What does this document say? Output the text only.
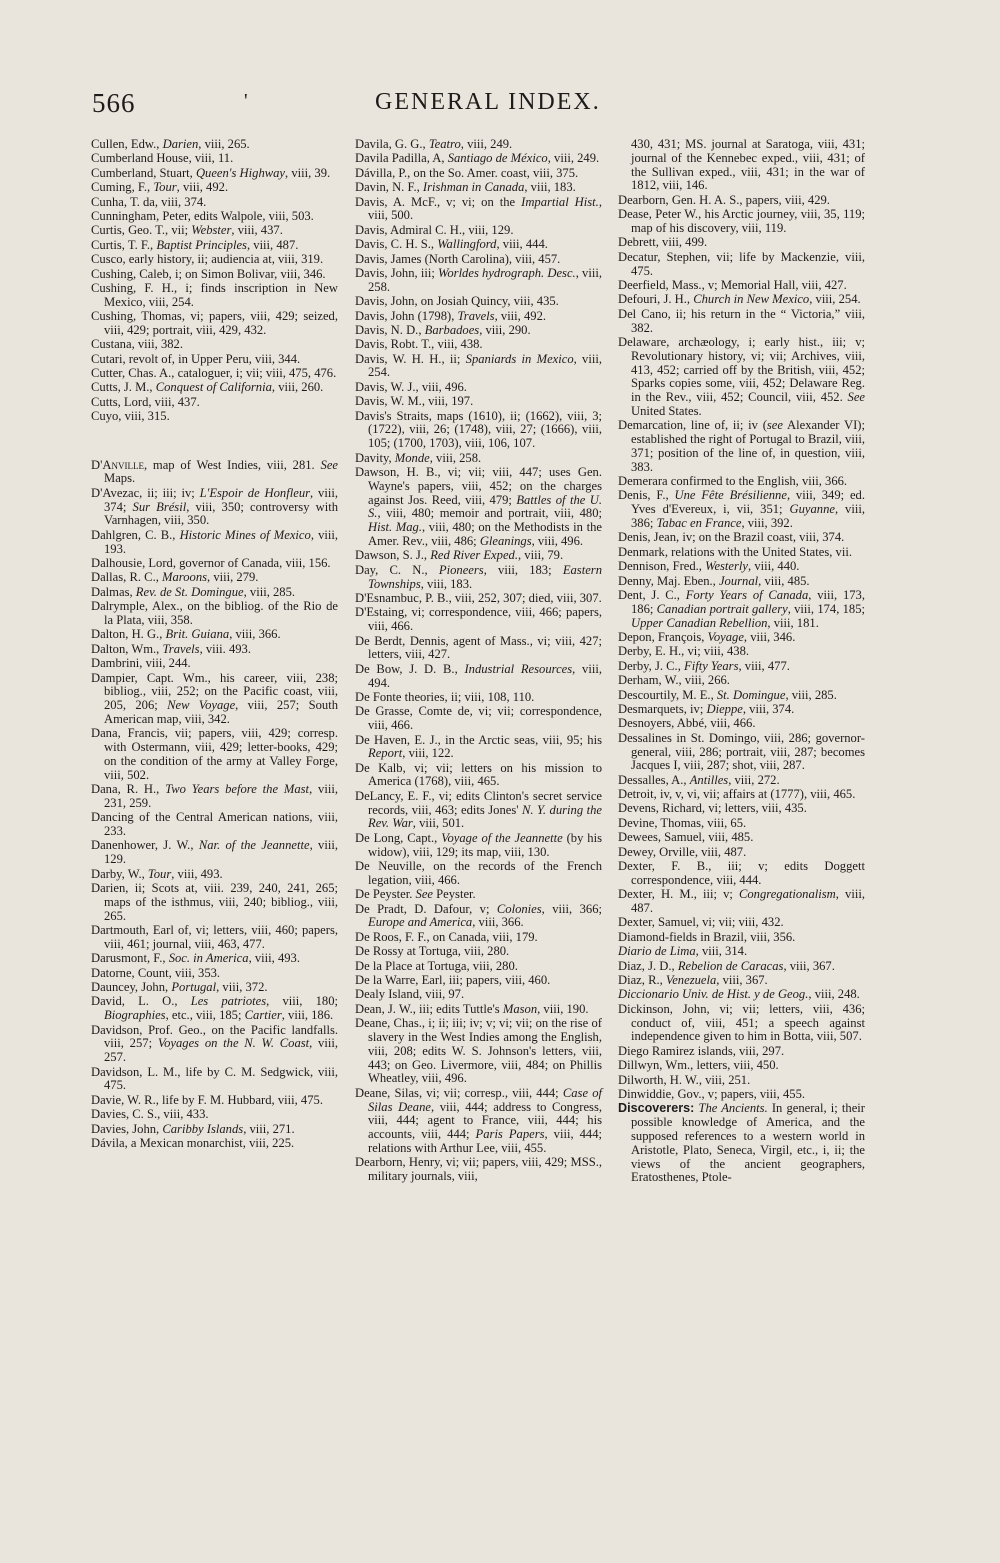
566	'	GENERAL INDEX.
Cullen, Edw., Darien, viii, 265.
Cumberland House, viii, 11.
Cumberland, Stuart, Queen's Highway, viii, 39.
Cuming, F., Tour, viii, 492.
Cunha, T. da, viii, 374.
Cunningham, Peter, edits Walpole, viii, 503.
Curtis, Geo. T., vii; Webster, viii, 437.
Curtis, T. F., Baptist Principles, viii, 487.
Cusco, early history, ii; audiencia at, viii, 319.
Cushing, Caleb, i; on Simon Bolivar, viii, 346.
Cushing, F. H., i; finds inscription in New Mexico, viii, 254.
Cushing, Thomas, vi; papers, viii, 429; seized, viii, 429; portrait, viii, 429, 432.
Custana, viii, 382.
Cutari, revolt of, in Upper Peru, viii, 344.
Cutter, Chas. A., cataloguer, i; vii; viii, 475, 476.
Cutts, J. M., Conquest of California, viii, 260.
Cutts, Lord, viii, 437.
Cuyo, viii, 315.
D'Anville, map of West Indies, viii, 281. See Maps.
D'Avezac, ii; iii; iv; L'Espoir de Honfleur, viii, 374; Sur Brésil, viii, 350; controversy with Varnhagen, viii, 350.
Dahlgren, C. B., Historic Mines of Mexico, viii, 193.
Dalhousie, Lord, governor of Canada, viii, 156.
Dallas, R. C., Maroons, viii, 279.
Dalmas, Rev. de St. Domingue, viii, 285.
Dalrymple, Alex., on the bibliog. of the Rio de la Plata, viii, 358.
Dalton, H. G., Brit. Guiana, viii, 366.
Dalton, Wm., Travels, viii. 493.
Dambrini, viii, 244.
Dampier, Capt. Wm., his career, viii, 238; bibliog., viii, 252; on the Pacific coast, viii, 205, 206; New Voyage, viii, 257; South American map, viii, 342.
Dana, Francis, vii; papers, viii, 429; corresp. with Ostermann, viii, 429; letter-books, 429; on the condition of the army at Valley Forge, viii, 502.
Dana, R. H., Two Years before the Mast, viii, 231, 259.
Dancing of the Central American nations, viii, 233.
Danenhower, J. W., Nar. of the Jeannette, viii, 129.
Darby, W., Tour, viii, 493.
Darien, ii; Scots at, viii. 239, 240, 241, 265; maps of the isthmus, viii, 240; bibliog., viii, 265.
Dartmouth, Earl of, vi; letters, viii, 460; papers, viii, 461; journal, viii, 463, 477.
Darusmont, F., Soc. in America, viii, 493.
Datorne, Count, viii, 353.
Dauncey, John, Portugal, viii, 372.
David, L. O., Les patriotes, viii, 180; Biographies, etc., viii, 185; Cartier, viii, 186.
Davidson, Prof. Geo., on the Pacific landfalls. viii, 257; Voyages on the N. W. Coast, viii, 257.
Davidson, L. M., life by C. M. Sedgwick, viii, 475.
Davie, W. R., life by F. M. Hubbard, viii, 475.
Davies, C. S., viii, 433.
Davies, John, Caribby Islands, viii, 271.
Dávila, a Mexican monarchist, viii, 225.
Davila, G. G., Teatro, viii, 249.
Davila Padilla, A, Santiago de México, viii, 249.
Dávilla, P., on the So. Amer. coast, viii, 375.
Davin, N. F., Irishman in Canada, viii, 183.
Davis, A. McF., v; vi; on the Impartial Hist., viii, 500.
Davis, Admiral C. H., viii, 129.
Davis, C. H. S., Wallingford, viii, 444.
Davis, James (North Carolina), viii, 457.
Davis, John, iii; Worldes hydrograph. Desc., viii, 258.
Davis, John, on Josiah Quincy, viii, 435.
Davis, John (1798), Travels, viii, 492.
Davis, N. D., Barbadoes, viii, 290.
Davis, Robt. T., viii, 438.
Davis, W. H. H., ii; Spaniards in Mexico, viii, 254.
Davis, W. J., viii, 496.
Davis, W. M., viii, 197.
Davis's Straits, maps (1610), ii; (1662), viii, 3; (1722), viii, 26; (1748), viii, 27; (1666), viii, 105; (1700, 1703), viii, 106, 107.
Davity, Monde, viii, 258.
Dawson, H. B., vi; vii; viii, 447; uses Gen. Wayne's papers, viii, 452; on the charges against Jos. Reed, viii, 479; Battles of the U. S., viii, 480; memoir and portrait, viii, 480; Hist. Mag., viii, 480; on the Methodists in the Amer. Rev., viii, 486; Gleanings, viii, 496.
Dawson, S. J., Red River Exped., viii, 79.
Day, C. N., Pioneers, viii, 183; Eastern Townships, viii, 183.
D'Esnambuc, P. B., viii, 252, 307; died, viii, 307.
D'Estaing, vi; correspondence, viii, 466; papers, viii, 466.
De Berdt, Dennis, agent of Mass., vi; viii, 427; letters, viii, 427.
De Bow, J. D. B., Industrial Resources, viii, 494.
De Fonte theories, ii; viii, 108, 110.
De Grasse, Comte de, vi; vii; correspondence, viii, 466.
De Haven, E. J., in the Arctic seas, viii, 95; his Report, viii, 122.
De Kalb, vi; vii; letters on his mission to America (1768), viii, 465.
DeLancy, E. F., vi; edits Clinton's secret service records, viii, 463; edits Jones' N. Y. during the Rev. War, viii, 501.
De Long, Capt., Voyage of the Jeannette (by his widow), viii, 129; its map, viii, 130.
De Neuville, on the records of the French legation, viii, 466.
De Peyster. See Peyster.
De Pradt, D. Dafour, v; Colonies, viii, 366; Europe and America, viii, 366.
De Roos, F. F., on Canada, viii, 179.
De Rossy at Tortuga, viii, 280.
De la Place at Tortuga, viii, 280.
De la Warre, Earl, iii; papers, viii, 460.
Dealy Island, viii, 97.
Dean, J. W., iii; edits Tuttle's Mason, viii, 190.
Deane, Chas., i; ii; iii; iv; v; vi; vii; on the rise of slavery in the West Indies among the English, viii, 208; edits W. S. Johnson's letters, viii, 443; on Geo. Livermore, viii, 484; on Phillis Wheatley, viii, 496.
Deane, Silas, vi; vii; corresp., viii, 444; Case of Silas Deane, viii, 444; address to Congress, viii, 444; agent to France, viii, 444; his accounts, viii, 444; Paris Papers, viii, 444; relations with Arthur Lee, viii, 455.
Dearborn, Henry, vi; vii; papers, viii, 429; MSS., military journals, viii,
430, 431; MS. journal at Saratoga, viii, 431; journal of the Kennebec exped., viii, 431; of the Sullivan exped., viii, 431; in the war of 1812, viii, 146.
Dearborn, Gen. H. A. S., papers, viii, 429.
Dease, Peter W., his Arctic journey, viii, 35, 119; map of his discovery, viii, 119.
Debrett, viii, 499.
Decatur, Stephen, vii; life by Mackenzie, viii, 475.
Deerfield, Mass., v; Memorial Hall, viii, 427.
Defouri, J. H., Church in New Mexico, viii, 254.
Del Cano, ii; his return in the “ Victoria,” viii, 382.
Delaware, archæology, i; early hist., iii; v; Revolutionary history, vi; vii; Archives, viii, 413, 452; carried off by the British, viii, 452; Sparks copies some, viii, 452; Delaware Reg. in the Rev., viii, 452; Council, viii, 452. See United States.
Demarcation, line of, ii; iv (see Alexander VI); established the right of Portugal to Brazil, viii, 371; position of the line of, in question, viii, 383.
Demerara confirmed to the English, viii, 366.
Denis, F., Une Fête Brésilienne, viii, 349; ed. Yves d'Evereux, i, vii, 351; Guyanne, viii, 386; Tabac en France, viii, 392.
Denis, Jean, iv; on the Brazil coast, viii, 374.
Denmark, relations with the United States, vii.
Dennison, Fred., Westerly, viii, 440.
Denny, Maj. Eben., Journal, viii, 485.
Dent, J. C., Forty Years of Canada, viii, 173, 186; Canadian portrait gallery, viii, 174, 185; Upper Canadian Rebellion, viii, 181.
Depon, François, Voyage, viii, 346.
Derby, E. H., vi; viii, 438.
Derby, J. C., Fifty Years, viii, 477.
Derham, W., viii, 266.
Descourtily, M. E., St. Domingue, viii, 285.
Desmarquets, iv; Dieppe, viii, 374.
Desnoyers, Abbé, viii, 466.
Dessalines in St. Domingo, viii, 286; governor-general, viii, 286; portrait, viii, 287; becomes Jacques I, viii, 287; shot, viii, 287.
Dessalles, A., Antilles, viii, 272.
Detroit, iv, v, vi, vii; affairs at (1777), viii, 465.
Devens, Richard, vi; letters, viii, 435.
Devine, Thomas, viii, 65.
Dewees, Samuel, viii, 485.
Dewey, Orville, viii, 487.
Dexter, F. B., iii; v; edits Doggett correspondence, viii, 444.
Dexter, H. M., iii; v; Congregationalism, viii, 487.
Dexter, Samuel, vi; vii; viii, 432.
Diamond-fields in Brazil, viii, 356.
Diario de Lima, viii, 314.
Diaz, J. D., Rebelion de Caracas, viii, 367.
Diaz, R., Venezuela, viii, 367.
Diccionario Univ. de Hist. y de Geog., viii, 248.
Dickinson, John, vi; vii; letters, viii, 436; conduct of, viii, 451; a speech against independence given to him in Botta, viii, 507.
Diego Ramirez islands, viii, 297.
Dillwyn, Wm., letters, viii, 450.
Dilworth, H. W., viii, 251.
Dinwiddie, Gov., v; papers, viii, 455.
Discoverers: The Ancients. In general, i; their possible knowledge of America, and the supposed references to a western world in Aristotle, Plato, Seneca, Virgil, etc., i, ii; the views of the ancient geographers, Eratosthenes, Ptole-
